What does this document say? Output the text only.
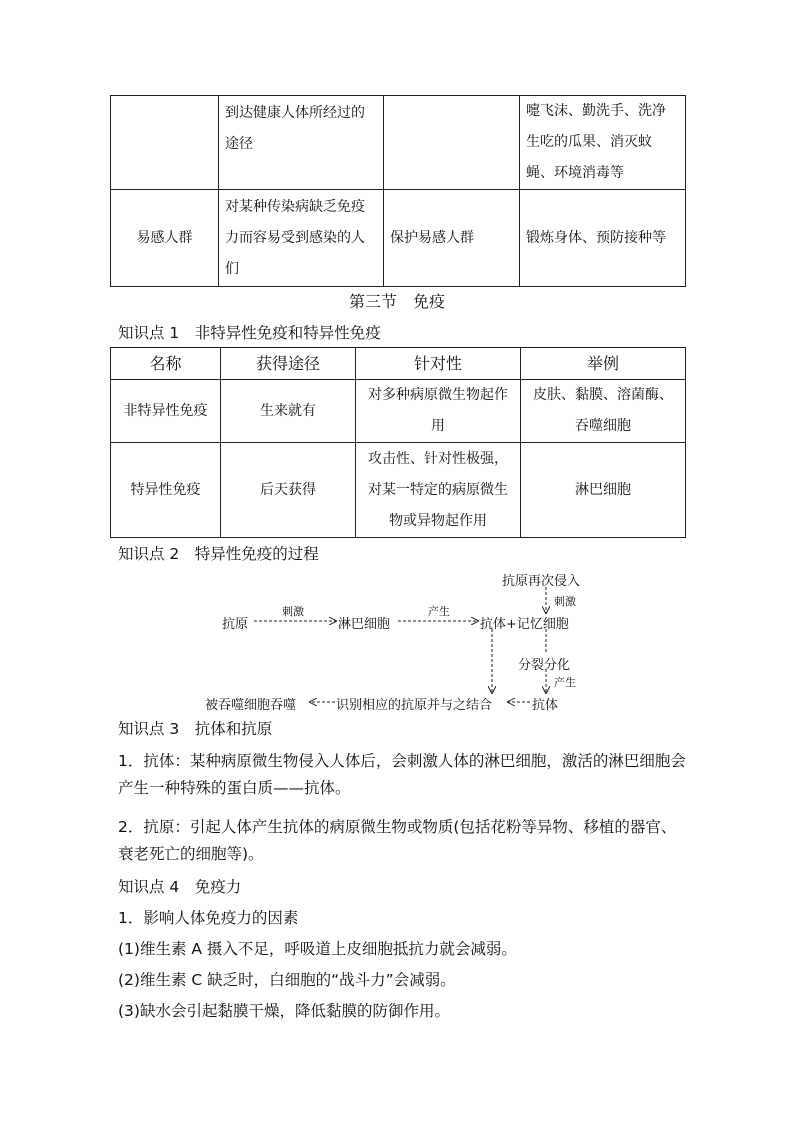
	到达健康人体所经过的途径		嚏飞沫、勤洗手、洗净生吃的瓜果、消灭蚊蝇、环境消毒等
易感人群	对某种传染病缺乏免疫力而容易受到感染的人们	保护易感人群	锻炼身体、预防接种等
第三节　免疫
知识点 1　非特异性免疫和特异性免疫
名称	获得途径	针对性	举例
非特异性免疫	生来就有	对多种病原微生物起作用	皮肤、黏膜、溶菌酶、吞噬细胞
特异性免疫	后天获得	攻击性、针对性极强，对某一特定的病原微生物或异物起作用	淋巴细胞
知识点 2　特异性免疫的过程
抗原再次侵入
刺激
抗原
刺激
淋巴细胞
产生
抗体+记忆细胞
分裂分化
产生
抗体
识别相应的抗原并与之结合
被吞噬细胞吞噬
知识点 3　抗体和抗原
1．抗体：某种病原微生物侵入人体后，会刺激人体的淋巴细胞，激活的淋巴细胞会产生一种特殊的蛋白质——抗体。
2．抗原：引起人体产生抗体的病原微生物或物质(包括花粉等异物、移植的器官、衰老死亡的细胞等)。
知识点 4　免疫力
1．影响人体免疫力的因素
(1)维生素 A 摄入不足，呼吸道上皮细胞抵抗力就会减弱。
(2)维生素 C 缺乏时，白细胞的“战斗力”会减弱。
(3)缺水会引起黏膜干燥，降低黏膜的防御作用。
